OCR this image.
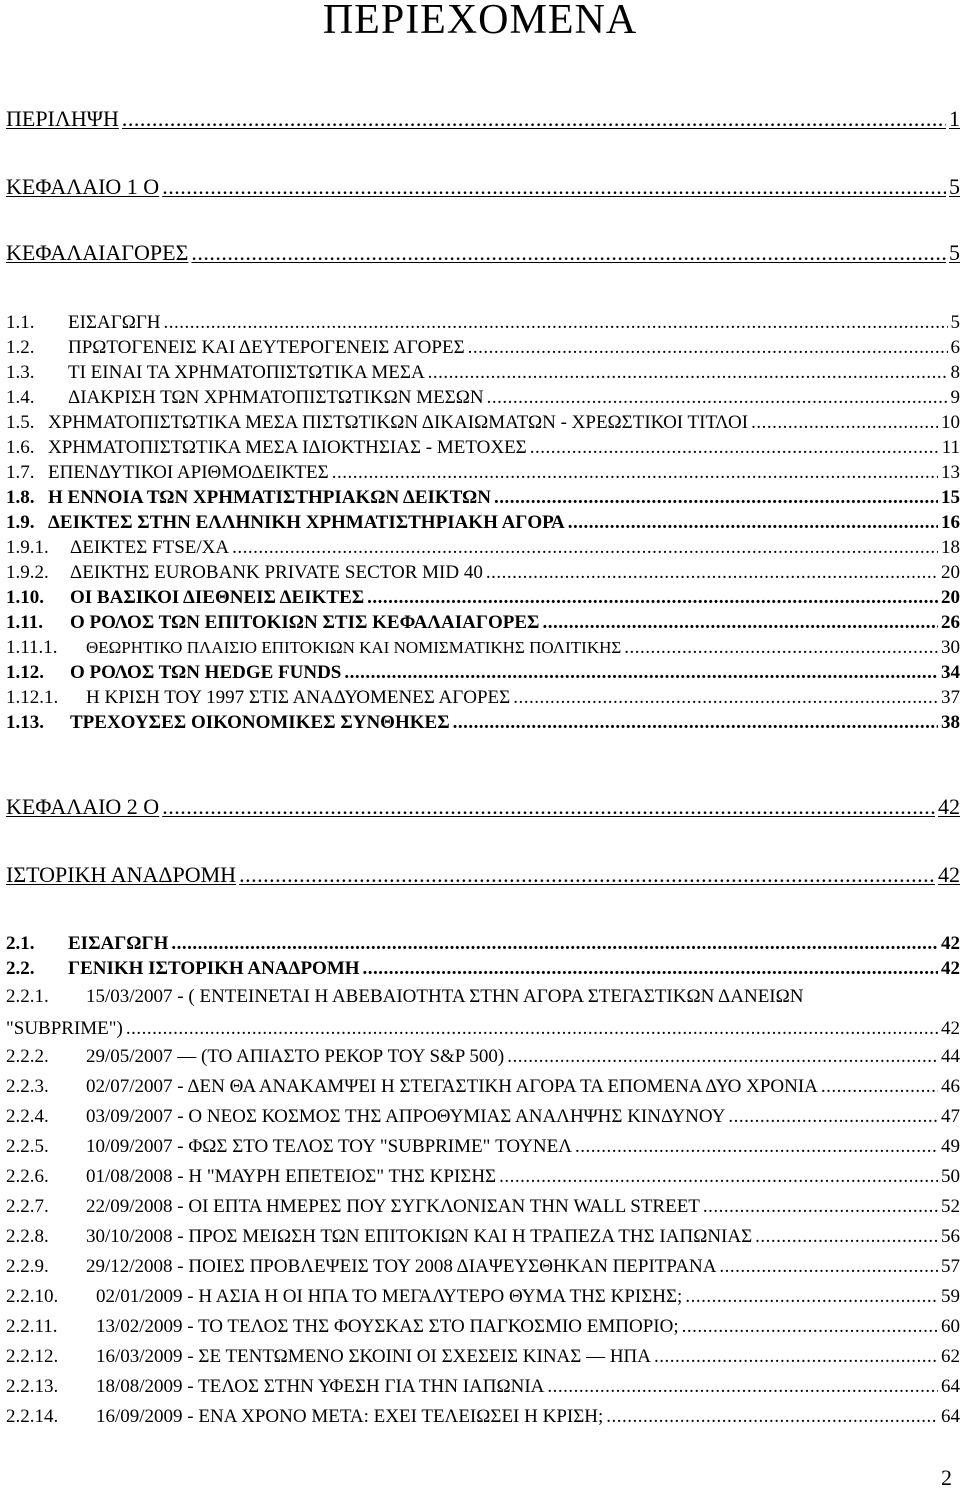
ΠΕΡΙΕΧΟΜΕΝΑ
ΠΕΡΙΛΗΨΗ .....	1
ΚΕΦΑΛΑΙΟ 1 Ο .....	5
ΚΕΦΑΛΑΙΑΓΟΡΕΣ .....	5
1.1.	ΕΙΣΑΓΩΓΗ .....	5
1.2.	ΠΡΩΤΟΓΕΝΕΙΣ ΚΑΙ ΔΕΥΤΕΡΟΓΕΝΕΙΣ ΑΓΟΡΕΣ .....	6
1.3.	ΤΙ ΕΙΝΑΙ ΤΑ ΧΡΗΜΑΤΟΠΙΣΤΩΤΙΚΑ ΜΕΣΑ .....	8
1.4.	ΔΙΑΚΡΙΣΗ ΤΩΝ ΧΡΗΜΑΤΟΠΙΣΤΩΤΙΚΩΝ ΜΕΣΩΝ .....	9
1.5. ΧΡΗΜΑΤΟΠΙΣΤΩΤΙΚΑ ΜΕΣΑ ΠΙΣΤΩΤΙΚΩΝ ΔΙΚΑΙΩΜΑΤΩΝ - ΧΡΕΩΣΤΙΚΟΙ ΤΙΤΛΟΙ .....	10
1.6. ΧΡΗΜΑΤΟΠΙΣΤΩΤΙΚΑ ΜΕΣΑ ΙΔΙΟΚΤΗΣΙΑΣ - ΜΕΤΟΧΕΣ .....	11
1.7. ΕΠΕΝΔΥΤΙΚΟΙ ΑΡΙΘΜΟΔΕΙΚΤΕΣ .....	13
1.8. Η ΕΝΝΟΙΑ ΤΩΝ ΧΡΗΜΑΤΙΣΤΗΡΙΑΚΩΝ ΔΕΙΚΤΩΝ .....	15
1.9. ΔΕΙΚΤΕΣ ΣΤΗΝ ΕΛΛΗΝΙΚΗ ΧΡΗΜΑΤΙΣΤΗΡΙΑΚΗ ΑΓΟΡΑ .....	16
1.9.1.	ΔΕΙΚΤΕΣ FTSE/XA .....	18
1.9.2.	ΔΕΙΚΤΗΣ EUROBANK PRIVATE SECTOR MID 40 .....	20
1.10.	ΟΙ ΒΑΣΙΚΟΙ ΔΙΕΘΝΕΙΣ ΔΕΙΚΤΕΣ .....	20
1.11.	Ο ΡΟΛΟΣ ΤΩΝ ΕΠΙΤΟΚΙΩΝ ΣΤΙΣ ΚΕΦΑΛΑΙΑΓΟΡΕΣ .....	26
1.11.1.	ΘΕΩΡΗΤΙΚΟ ΠΛΑΙΣΙΟ ΕΠΙΤΟΚΙΩΝ ΚΑΙ ΝΟΜΙΣΜΑΤΙΚΗΣ ΠΟΛΙΤΙΚΗΣ .....	30
1.12.	Ο ΡΟΛΟΣ ΤΩΝ HEDGE FUNDS .....	34
1.12.1.	Η ΚΡΙΣΗ ΤΟΥ 1997 ΣΤΙΣ ΑΝΑΔΥΟΜΕΝΕΣ ΑΓΟΡΕΣ .....	37
1.13.	ΤΡΕΧΟΥΣΕΣ ΟΙΚΟΝΟΜΙΚΕΣ ΣΥΝΘΗΚΕΣ .....	38
ΚΕΦΑΛΑΙΟ 2 Ο .....	42
ΙΣΤΟΡΙΚΗ ΑΝΑΔΡΟΜΗ .....	42
2.1.	ΕΙΣΑΓΩΓΗ .....	42
2.2.	ΓΕΝΙΚΗ ΙΣΤΟΡΙΚΗ ΑΝΑΔΡΟΜΗ .....	42
2.2.1.	15/03/2007 - ( ΕΝΤΕΙΝΕΤΑΙ Η ΑΒΕΒΑΙΟΤΗΤΑ ΣΤΗΝ ΑΓΟΡΑ ΣΤΕΓΑΣΤΙΚΩΝ ΔΑΝΕΙΩΝ
"SUBPRIME") .....	42
2.2.2.	29/05/2007 — (ΤΟ ΑΠΙΑΣΤΟ ΡΕΚΟΡ ΤΟΥ S&P 500) .....	44
2.2.3.	02/07/2007 - ΔΕΝ ΘΑ ΑΝΑΚΑΜΨΕΙ Η ΣΤΕΓΑΣΤΙΚΗ ΑΓΟΡΑ ΤΑ ΕΠΟΜΕΝΑ ΔΥΟ ΧΡΟΝΙΑ .....	46
2.2.4.	03/09/2007 - Ο ΝΕΟΣ ΚΟΣΜΟΣ ΤΗΣ ΑΠΡΟΘΥΜΙΑΣ ΑΝΑΛΗΨΗΣ ΚΙΝΔΥΝΟΥ .....	47
2.2.5.	10/09/2007 - ΦΩΣ ΣΤΟ ΤΕΛΟΣ ΤΟΥ "SUBPRIME" ΤΟΥΝΕΛ .....	49
2.2.6.	01/08/2008 - Η "ΜΑΥΡΗ ΕΠΕΤΕΙΟΣ" ΤΗΣ ΚΡΙΣΗΣ .....	50
2.2.7.	22/09/2008 - ΟΙ ΕΠΤΑ ΗΜΕΡΕΣ ΠΟΥ ΣΥΓΚΛΟΝΙΣΑΝ ΤΗΝ WALL STREET .....	52
2.2.8.	30/10/2008 - ΠΡΟΣ ΜΕΙΩΣΗ ΤΩΝ ΕΠΙΤΟΚΙΩΝ ΚΑΙ Η ΤΡΑΠΕΖΑ ΤΗΣ ΙΑΠΩΝΙΑΣ .....	56
2.2.9.	29/12/2008 - ΠΟΙΕΣ ΠΡΟΒΛΕΨΕΙΣ ΤΟΥ 2008 ΔΙΑΨΕΥΣΘΗΚΑΝ ΠΕΡΙΤΡΑΝΑ .....	57
2.2.10.	02/01/2009 - Η ΑΣΙΑ Η ΟΙ ΗΠΑ ΤΟ ΜΕΓΑΛΥΤΕΡΟ ΘΥΜΑ ΤΗΣ ΚΡΙΣΗΣ; .....	59
2.2.11.	13/02/2009 - ΤΟ ΤΕΛΟΣ ΤΗΣ ΦΟΥΣΚΑΣ ΣΤΟ ΠΑΓΚΟΣΜΙΟ ΕΜΠΟΡΙΟ; .....	60
2.2.12.	16/03/2009 - ΣΕ ΤΕΝΤΩΜΕΝΟ ΣΚΟΙΝΙ ΟΙ ΣΧΕΣΕΙΣ ΚΙΝΑΣ — ΗΠΑ .....	62
2.2.13.	18/08/2009 - ΤΕΛΟΣ ΣΤΗΝ ΥΦΕΣΗ ΓΙΑ ΤΗΝ ΙΑΠΩΝΙΑ .....	64
2.2.14.	16/09/2009 - ΕΝΑ ΧΡΟΝΟ ΜΕΤΑ: ΕΧΕΙ ΤΕΛΕΙΩΣΕΙ Η ΚΡΙΣΗ; .....	64
2
